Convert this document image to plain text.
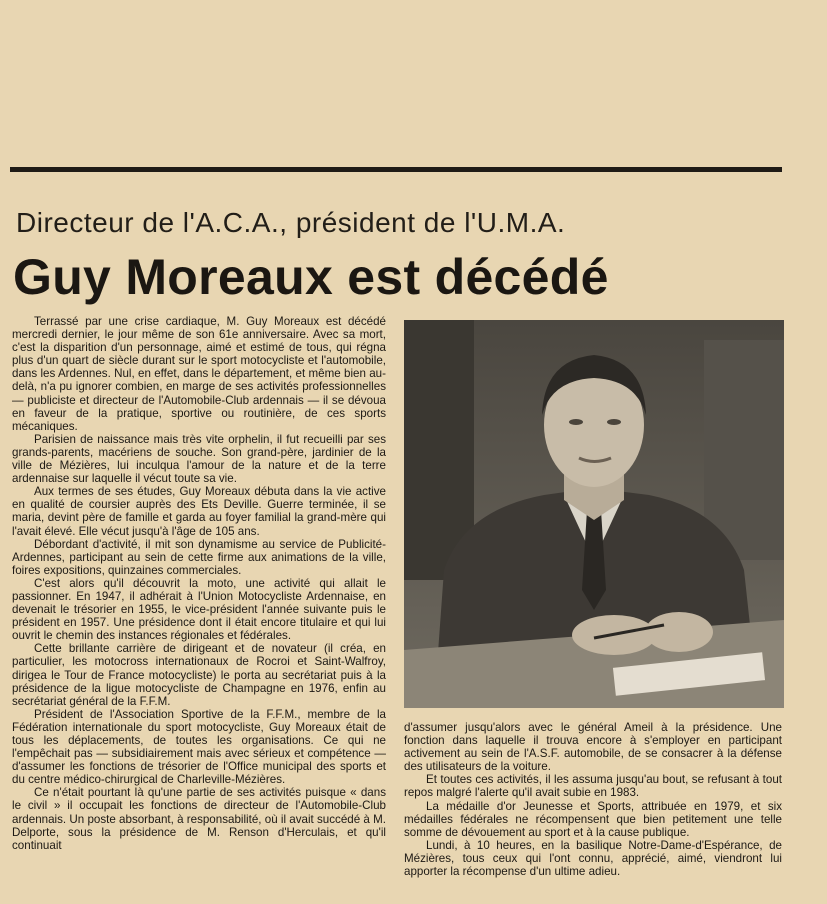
Directeur de l'A.C.A., président de l'U.M.A.
Guy Moreaux est décédé

Terrassé par une crise cardiaque, M. Guy Moreaux est décédé mercredi dernier, le jour même de son 61e anniversaire. Avec sa mort, c'est la disparition d'un personnage, aimé et estimé de tous, qui régna plus d'un quart de siècle durant sur le sport motocycliste et l'automobile, dans les Ardennes. Nul, en effet, dans le département, et même bien au-delà, n'a pu ignorer combien, en marge de ses activités professionnelles — publiciste et directeur de l'Automobile-Club ardennais — il se dévoua en faveur de la pratique, sportive ou routinière, de ces sports mécaniques.

Parisien de naissance mais très vite orphelin, il fut recueilli par ses grands-parents, macériens de souche. Son grand-père, jardinier de la ville de Mézières, lui inculqua l'amour de la nature et de la terre ardennaise sur laquelle il vécut toute sa vie.

Aux termes de ses études, Guy Moreaux débuta dans la vie active en qualité de coursier auprès des Ets Deville. Guerre terminée, il se maria, devint père de famille et garda au foyer familial la grand-mère qui l'avait élevé. Elle vécut jusqu'à l'âge de 105 ans.

Débordant d'activité, il mit son dynamisme au service de Publicité-Ardennes, participant au sein de cette firme aux animations de la ville, foires expositions, quinzaines commerciales.

C'est alors qu'il découvrit la moto, une activité qui allait le passionner. En 1947, il adhérait à l'Union Motocycliste Ardennaise, en devenait le trésorier en 1955, le vice-président l'année suivante puis le président en 1957. Une présidence dont il était encore titulaire et qui lui ouvrit le chemin des instances régionales et fédérales.

Cette brillante carrière de dirigeant et de novateur (il créa, en particulier, les motocross internationaux de Rocroi et Saint-Walfroy, dirigea le Tour de France motocycliste) le porta au secrétariat puis à la présidence de la ligue motocycliste de Champagne en 1976, enfin au secrétariat général de la F.F.M.

Président de l'Association Sportive de la F.F.M., membre de la Fédération internationale du sport motocycliste, Guy Moreaux était de tous les déplacements, de toutes les organisations. Ce qui ne l'empêchait pas — subsidiairement mais avec sérieux et compétence — d'assumer les fonctions de trésorier de l'Office municipal des sports et du centre médico-chirurgical de Charleville-Mézières.

Ce n'était pourtant là qu'une partie de ses activités puisque « dans le civil » il occupait les fonctions de directeur de l'Automobile-Club ardennais. Un poste absorbant, à responsabilité, où il avait succédé à M. Delporte, sous la présidence de M. Renson d'Herculais, et qu'il continuait

d'assumer jusqu'alors avec le général Ameil à la présidence. Une fonction dans laquelle il trouva encore à s'employer en participant activement au sein de l'A.S.F. automobile, de se consacrer à la défense des utilisateurs de la voiture.

Et toutes ces activités, il les assuma jusqu'au bout, se refusant à tout repos malgré l'alerte qu'il avait subie en 1983.

La médaille d'or Jeunesse et Sports, attribuée en 1979, et six médailles fédérales ne récompensent que bien petitement une telle somme de dévouement au sport et à la cause publique.

Lundi, à 10 heures, en la basilique Notre-Dame-d'Espérance, de Mézières, tous ceux qui l'ont connu, apprécié, aimé, viendront lui apporter la récompense d'un ultime adieu.
